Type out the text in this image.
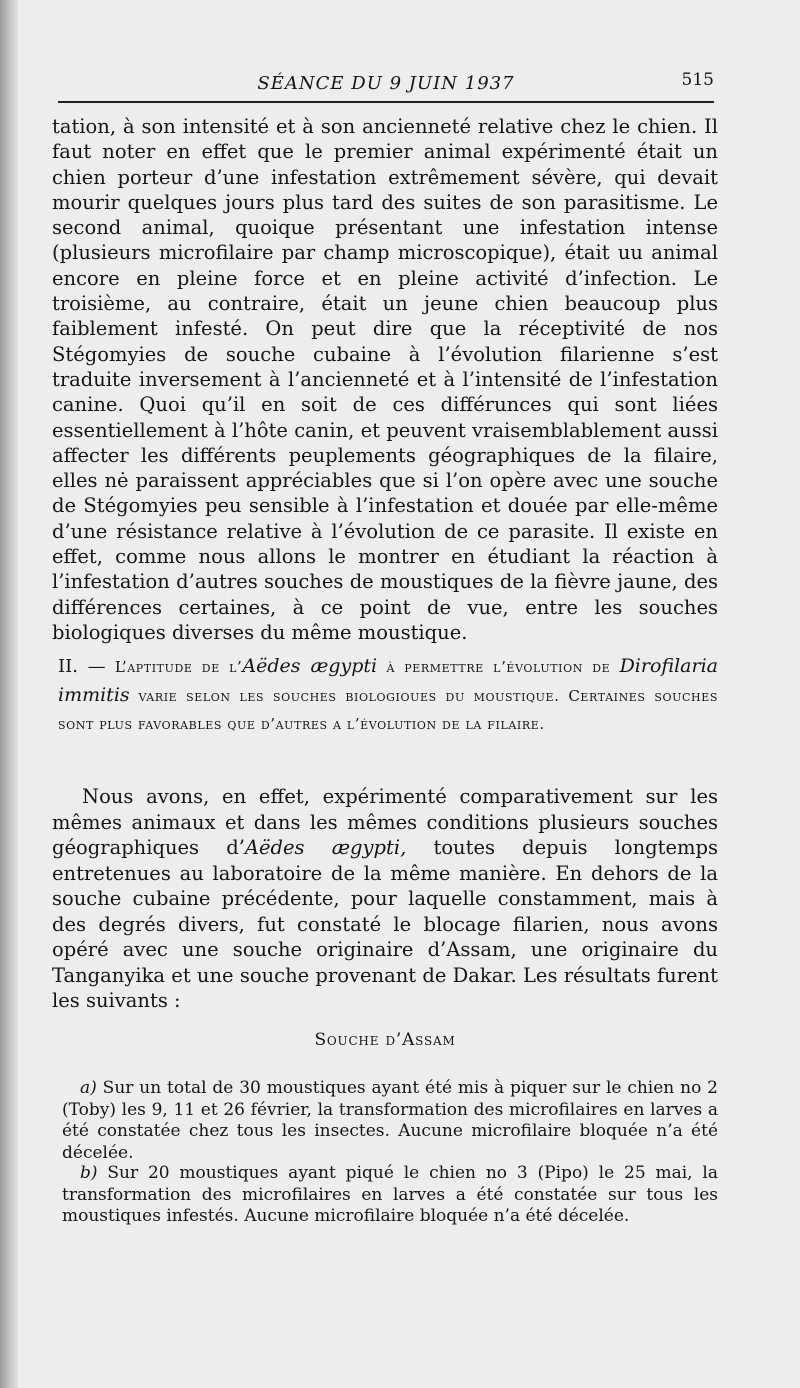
SÉANCE DU 9 JUIN 1937	515

tation, à son intensité et à son ancienneté relative chez le chien. Il faut noter en effet que le premier animal expérimenté était un chien porteur d’une infestation extrêmement sévère, qui devait mourir quelques jours plus tard des suites de son parasitisme. Le second animal, quoique présentant une infestation intense (plusieurs microfilaire par champ microscopique), était uu animal encore en pleine force et en pleine activité d’infection. Le troisième, au contraire, était un jeune chien beaucoup plus faiblement infesté. On peut dire que la réceptivité de nos Stégomyies de souche cubaine à l’évolution filarienne s’est traduite inversement à l’ancienneté et à l’intensité de l’infestation canine. Quoi qu’il en soit de ces différunces qui sont liées essentiellement à l’hôte canin, et peuvent vraisemblablement aussi affecter les différents peuplements géographiques de la filaire, elles nė paraissent appréciables que si l’on opère avec une souche de Stégomyies peu sensible à l’infestation et douée par elle-même d’une résistance relative à l’évolution de ce parasite. Il existe en effet, comme nous allons le montrer en étudiant la réaction à l’infestation d’autres souches de moustiques de la fièvre jaune, des différences certaines, à ce point de vue, entre les souches biologiques diverses du même moustique.

II. — L’aptitude de l’Aëdes ægypti à permettre l’évolution de Dirofilaria immitis varie selon les souches biologioues du moustique. Certaines souches sont plus favorables que d’autres a l’évolution de la filaire.

Nous avons, en effet, expérimenté comparativement sur les mêmes animaux et dans les mêmes conditions plusieurs souches géographiques d’Aëdes ægypti, toutes depuis longtemps entretenues au laboratoire de la même manière. En dehors de la souche cubaine précédente, pour laquelle constamment, mais à des degrés divers, fut constaté le blocage filarien, nous avons opéré avec une souche originaire d’Assam, une originaire du Tanganyika et une souche provenant de Dakar. Les résultats furent les suivants :

Souche d’Assam

a) Sur un total de 30 moustiques ayant été mis à piquer sur le chien no 2 (Toby) les 9, 11 et 26 février, la transformation des microfilaires en larves a été constatée chez tous les insectes. Aucune microfilaire bloquée n’a été décelée.

b) Sur 20 moustiques ayant piqué le chien no 3 (Pipo) le 25 mai, la transformation des microfilaires en larves a été constatée sur tous les moustiques infestés. Aucune microfilaire bloquée n’a été décelée.
